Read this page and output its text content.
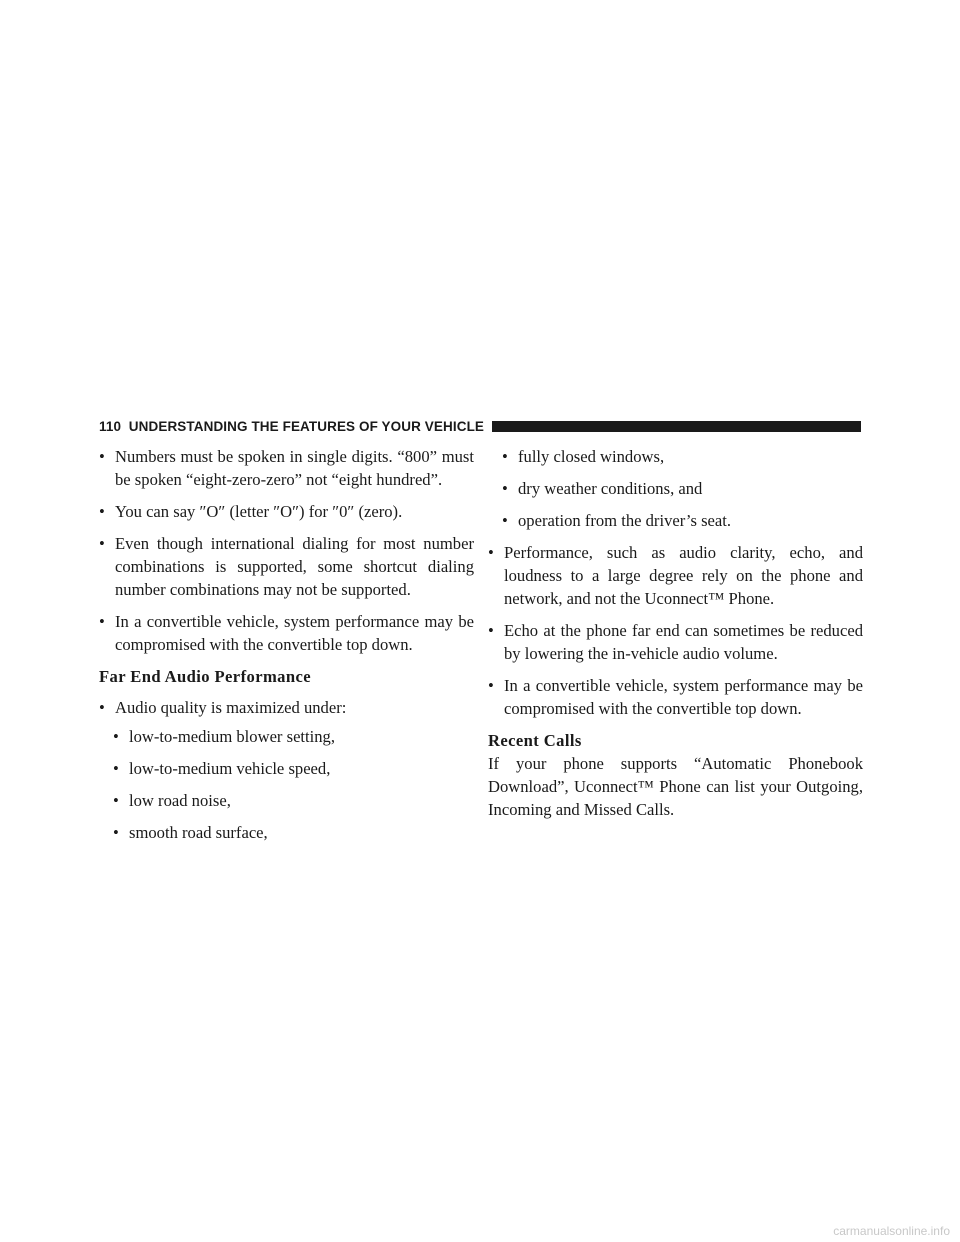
110
UNDERSTANDING THE FEATURES OF YOUR VEHICLE
• Numbers must be spoken in single digits. “800” must be spoken “eight-zero-zero” not “eight hundred”.
• You can say ″O″ (letter ″O″) for ″0″ (zero).
• Even though international dialing for most number combinations is supported, some shortcut dialing number combinations may not be supported.
• In a convertible vehicle, system performance may be compromised with the convertible top down.
Far End Audio Performance
• Audio quality is maximized under:
• low-to-medium blower setting,
• low-to-medium vehicle speed,
• low road noise,
• smooth road surface,
• fully closed windows,
• dry weather conditions, and
• operation from the driver’s seat.
• Performance, such as audio clarity, echo, and loudness to a large degree rely on the phone and network, and not the Uconnect™ Phone.
• Echo at the phone far end can sometimes be reduced by lowering the in-vehicle audio volume.
• In a convertible vehicle, system performance may be compromised with the convertible top down.
Recent Calls

If your phone supports “Automatic Phonebook Download”, Uconnect™ Phone can list your Outgoing, Incoming and Missed Calls.

carmanualsonline.info
